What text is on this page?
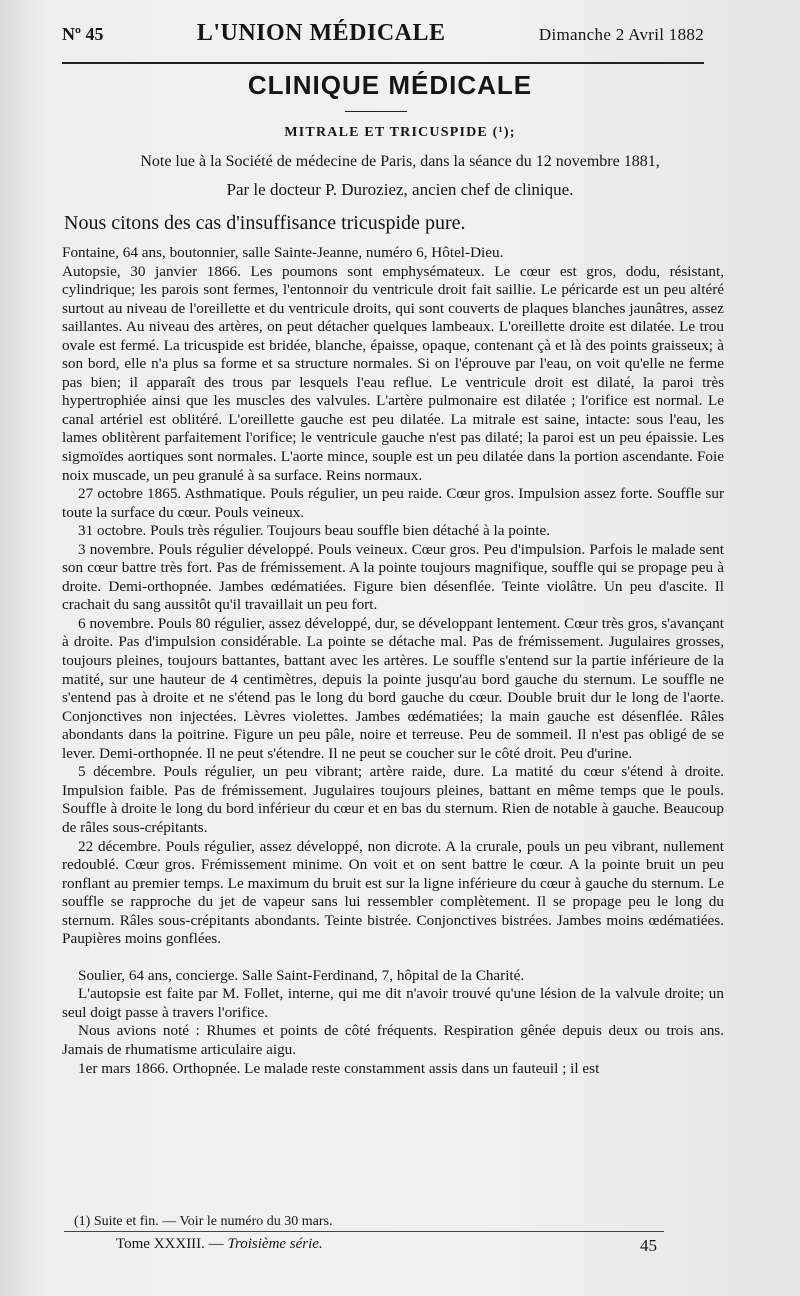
Nº 45	L'UNION MÉDICALE	Dimanche 2 Avril 1882
CLINIQUE MÉDICALE
MITRALE ET TRICUSPIDE (¹);
Note lue à la Société de médecine de Paris, dans la séance du 12 novembre 1881,
Par le docteur P. Duroziez, ancien chef de clinique.
Nous citons des cas d'insuffisance tricuspide pure.

Fontaine, 64 ans, boutonnier, salle Sainte-Jeanne, numéro 6, Hôtel-Dieu.

Autopsie, 30 janvier 1866. Les poumons sont emphysémateux. Le cœur est gros, dodu, résistant, cylindrique; les parois sont fermes, l'entonnoir du ventricule droit fait saillie. Le péricarde est un peu altéré surtout au niveau de l'oreillette et du ventricule droits, qui sont couverts de plaques blanches jaunâtres, assez saillantes. Au niveau des artères, on peut détacher quelques lambeaux. L'oreillette droite est dilatée. Le trou ovale est fermé. La tricuspide est bridée, blanche, épaisse, opaque, contenant çà et là des points graisseux; à son bord, elle n'a plus sa forme et sa structure normales. Si on l'éprouve par l'eau, on voit qu'elle ne ferme pas bien; il apparaît des trous par lesquels l'eau reflue. Le ventricule droit est dilaté, la paroi très hypertrophiée ainsi que les muscles des valvules. L'artère pulmonaire est dilatée ; l'orifice est normal. Le canal artériel est oblitéré. L'oreillette gauche est peu dilatée. La mitrale est saine, intacte: sous l'eau, les lames oblitèrent parfaitement l'orifice; le ventricule gauche n'est pas dilaté; la paroi est un peu épaissie. Les sigmoïdes aortiques sont normales. L'aorte mince, souple est un peu dilatée dans la portion ascendante. Foie noix muscade, un peu granulé à sa surface. Reins normaux.

27 octobre 1865. Asthmatique. Pouls régulier, un peu raide. Cœur gros. Impulsion assez forte. Souffle sur toute la surface du cœur. Pouls veineux.

31 octobre. Pouls très régulier. Toujours beau souffle bien détaché à la pointe.

3 novembre. Pouls régulier développé. Pouls veineux. Cœur gros. Peu d'impulsion. Parfois le malade sent son cœur battre très fort. Pas de frémissement. A la pointe toujours magnifique, souffle qui se propage peu à droite. Demi-orthopnée. Jambes œdématiées. Figure bien désenflée. Teinte violâtre. Un peu d'ascite. Il crachait du sang aussitôt qu'il travaillait un peu fort.

6 novembre. Pouls 80 régulier, assez développé, dur, se développant lentement. Cœur très gros, s'avançant à droite. Pas d'impulsion considérable. La pointe se détache mal. Pas de frémissement. Jugulaires grosses, toujours pleines, toujours battantes, battant avec les artères. Le souffle s'entend sur la partie inférieure de la matité, sur une hauteur de 4 centimètres, depuis la pointe jusqu'au bord gauche du sternum. Le souffle ne s'entend pas à droite et ne s'étend pas le long du bord gauche du cœur. Double bruit dur le long de l'aorte. Conjonctives non injectées. Lèvres violettes. Jambes œdématiées; la main gauche est désenflée. Râles abondants dans la poitrine. Figure un peu pâle, noire et terreuse. Peu de sommeil. Il n'est pas obligé de se lever. Demi-orthopnée. Il ne peut s'étendre. Il ne peut se coucher sur le côté droit. Peu d'urine.

5 décembre. Pouls régulier, un peu vibrant; artère raide, dure. La matité du cœur s'étend à droite. Impulsion faible. Pas de frémissement. Jugulaires toujours pleines, battant en même temps que le pouls. Souffle à droite le long du bord inférieur du cœur et en bas du sternum. Rien de notable à gauche. Beaucoup de râles sous-crépitants.

22 décembre. Pouls régulier, assez développé, non dicrote. A la crurale, pouls un peu vibrant, nullement redoublé. Cœur gros. Frémissement minime. On voit et on sent battre le cœur. A la pointe bruit un peu ronflant au premier temps. Le maximum du bruit est sur la ligne inférieure du cœur à gauche du sternum. Le souffle se rapproche du jet de vapeur sans lui ressembler complètement. Il se propage peu le long du sternum. Râles sous-crépitants abondants. Teinte bistrée. Conjonctives bistrées. Jambes moins œdématiées. Paupières moins gonflées.

Soulier, 64 ans, concierge. Salle Saint-Ferdinand, 7, hôpital de la Charité.

L'autopsie est faite par M. Follet, interne, qui me dit n'avoir trouvé qu'une lésion de la valvule droite; un seul doigt passe à travers l'orifice.

Nous avions noté : Rhumes et points de côté fréquents. Respiration gênée depuis deux ou trois ans. Jamais de rhumatisme articulaire aigu.

1er mars 1866. Orthopnée. Le malade reste constamment assis dans un fauteuil ; il est

(1) Suite et fin. — Voir le numéro du 30 mars.
Tome XXXIII. — Troisième série.	45
